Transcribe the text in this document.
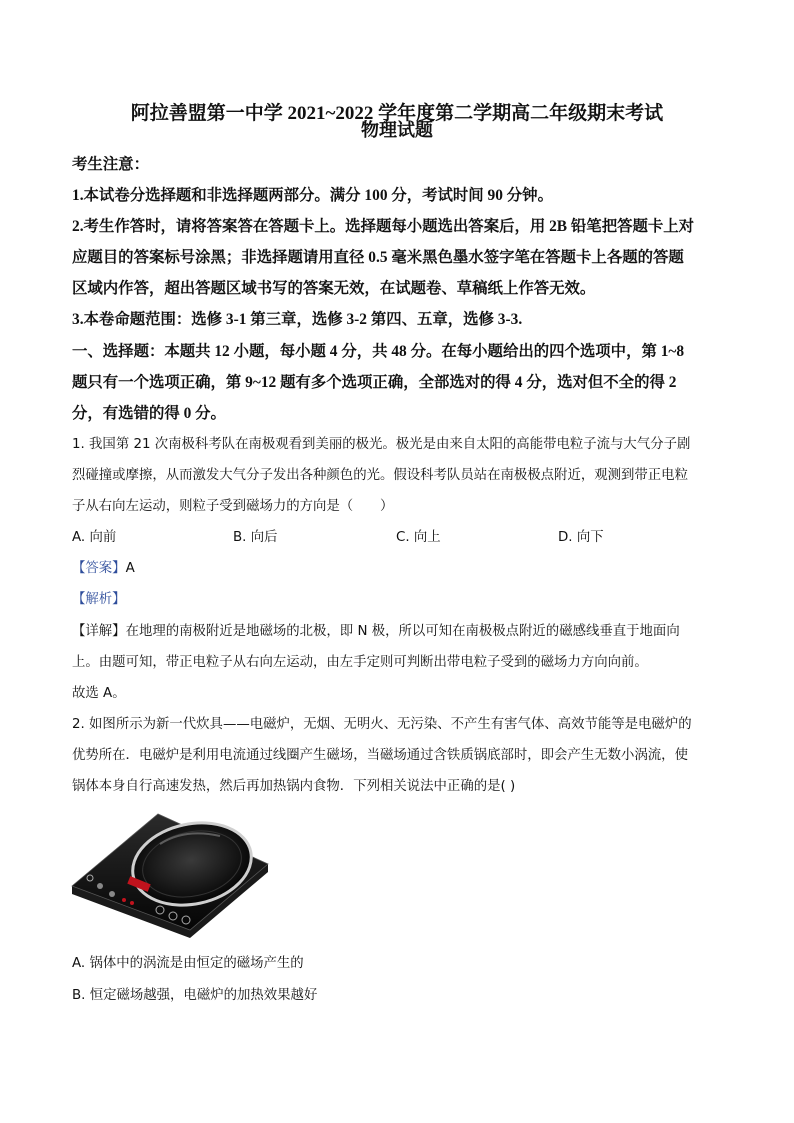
阿拉善盟第一中学 2021~2022 学年度第二学期高二年级期末考试
物理试题
考生注意：
1.本试卷分选择题和非选择题两部分。满分 100 分，考试时间 90 分钟。
2.考生作答时，请将答案答在答题卡上。选择题每小题选出答案后，用 2B 铅笔把答题卡上对
应题目的答案标号涂黑；非选择题请用直径 0.5 毫米黑色墨水签字笔在答题卡上各题的答题
区域内作答，超出答题区域书写的答案无效，在试题卷、草稿纸上作答无效。
3.本卷命题范围：选修 3-1 第三章，选修 3-2 第四、五章，选修 3-3.
一、选择题：本题共 12 小题，每小题 4 分，共 48 分。在每小题给出的四个选项中，第 1~8
题只有一个选项正确，第 9~12 题有多个选项正确，全部选对的得 4 分，选对但不全的得 2
分，有选错的得 0 分。
1. 我国第 21 次南极科考队在南极观看到美丽的极光。极光是由来自太阳的高能带电粒子流与大气分子剧
烈碰撞或摩擦，从而激发大气分子发出各种颜色的光。假设科考队员站在南极极点附近，观测到带正电粒
子从右向左运动，则粒子受到磁场力的方向是（　　）
A. 向前	B. 向后	C. 向上	D. 向下
【答案】A
【解析】
【详解】在地理的南极附近是地磁场的北极，即 N 极，所以可知在南极极点附近的磁感线垂直于地面向
上。由题可知，带正电粒子从右向左运动，由左手定则可判断出带电粒子受到的磁场力方向向前。
故选 A。
2. 如图所示为新一代炊具——电磁炉，无烟、无明火、无污染、不产生有害气体、高效节能等是电磁炉的
优势所在．电磁炉是利用电流通过线圈产生磁场，当磁场通过含铁质锅底部时，即会产生无数小涡流，使
锅体本身自行高速发热，然后再加热锅内食物．下列相关说法中正确的是( )
A. 锅体中的涡流是由恒定的磁场产生的
B. 恒定磁场越强，电磁炉的加热效果越好
